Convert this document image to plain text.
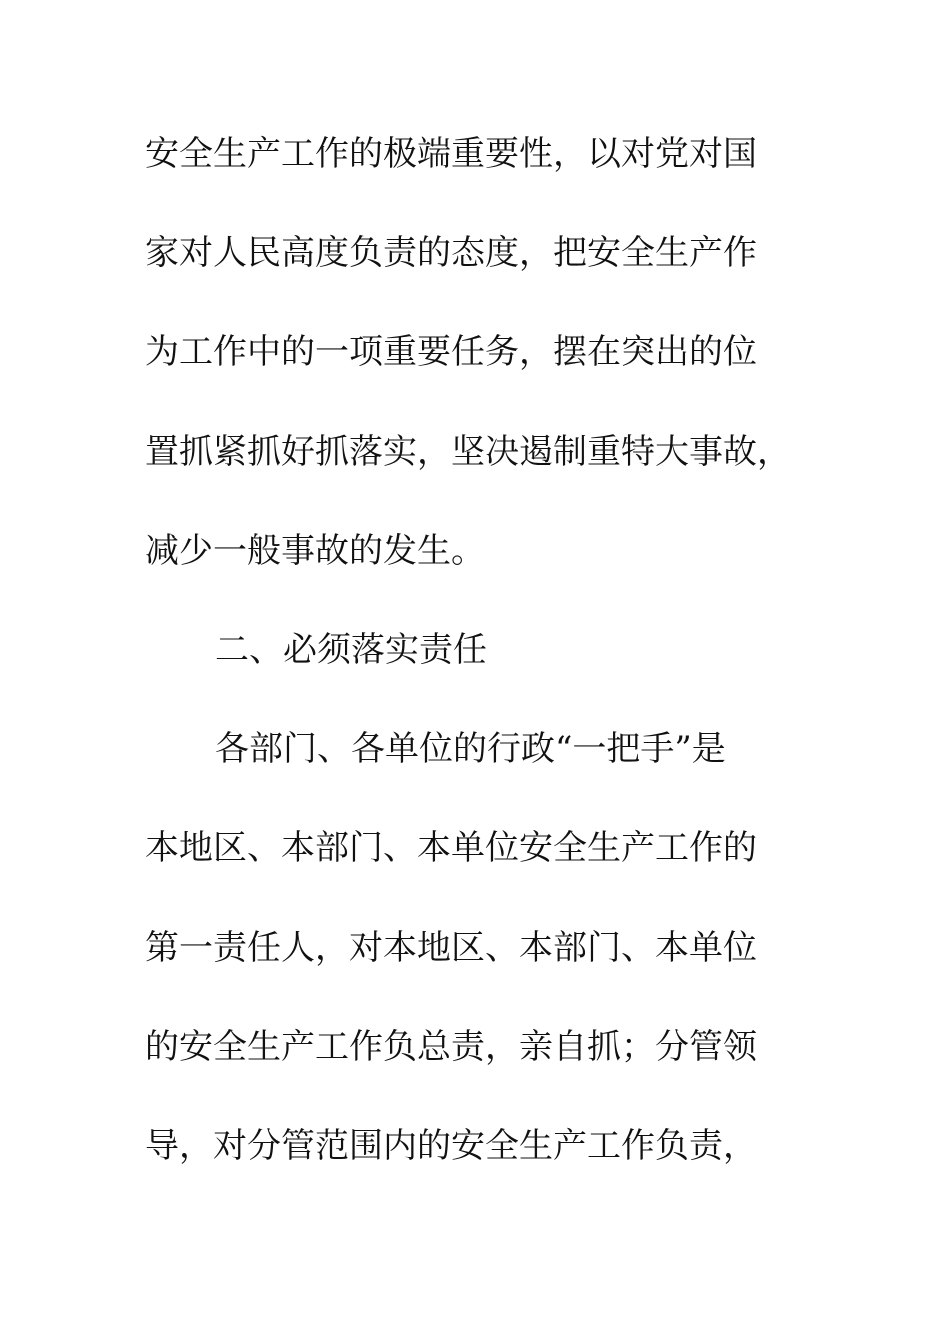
安全生产工作的极端重要性，以对党对国
家对人民高度负责的态度，把安全生产作
为工作中的一项重要任务，摆在突出的位
置抓紧抓好抓落实，坚决遏制重特大事故，
减少一般事故的发生。
二、必须落实责任
各部门、各单位的行政“一把手”是
本地区、本部门、本单位安全生产工作的
第一责任人，对本地区、本部门、本单位
的安全生产工作负总责，亲自抓；分管领
导，对分管范围内的安全生产工作负责，
